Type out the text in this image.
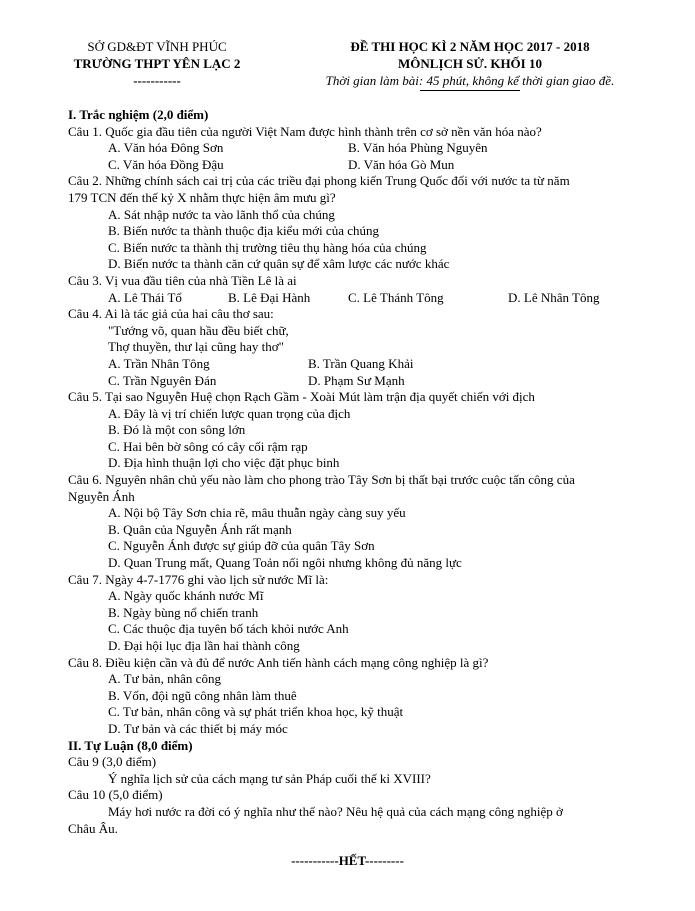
SỞ GD&ĐT VĨNH PHÚC
TRƯỜNG THPT YÊN LẠC 2
-----------
ĐỀ THI HỌC KÌ 2 NĂM HỌC 2017 - 2018
MÔNLỊCH SỬ. KHỐI 10
Thời gian làm bài: 45 phút, không kể thời gian giao đề.
I. Trắc nghiệm (2,0 điểm)
Câu 1. Quốc gia đầu tiên của người Việt Nam được hình thành trên cơ sở nền văn hóa nào?
A. Văn hóa Đông Sơn	B. Văn hóa Phùng Nguyên
C. Văn hóa Đồng Đậu	D. Văn hóa Gò Mun
Câu 2. Những chính sách cai trị của các triều đại phong kiến Trung Quốc đối với nước ta từ năm
179 TCN đến thế kỷ X nhằm thực hiện âm mưu gì?
A. Sát nhập nước ta vào lãnh thổ của chúng
B. Biến nước ta thành thuộc địa kiểu mới của chúng
C. Biến nước ta thành thị trường tiêu thụ hàng hóa của chúng
D. Biến nước ta thành căn cứ quân sự để xâm lược các nước khác
Câu 3. Vị vua đầu tiên của nhà Tiền Lê là ai
A. Lê Thái Tổ	B. Lê Đại Hành	C. Lê Thánh Tông	D. Lê Nhân Tông
Câu 4. Ai là tác giả của hai câu thơ sau:
"Tướng võ, quan hầu đều biết chữ,
Thợ thuyền, thư lại cũng hay thơ"
A. Trần Nhân Tông	B. Trần Quang Khải
C. Trần Nguyên Đán	D. Phạm Sư Mạnh
Câu 5. Tại sao Nguyễn Huệ chọn Rạch Gầm - Xoài Mút làm trận địa quyết chiến với địch
A. Đây là vị trí chiến lược quan trọng của địch
B. Đó là một con sông lớn
C. Hai bên bờ sông có cây cối rậm rạp
D. Địa hình thuận lợi cho việc đặt phục binh
Câu 6. Nguyên nhân chủ yếu nào làm cho phong trào Tây Sơn bị thất bại trước cuộc tấn công của
Nguyễn Ánh
A. Nội bộ Tây Sơn chia rẽ, mâu thuẫn ngày càng suy yếu
B. Quân của Nguyễn Ánh rất mạnh
C. Nguyễn Ánh được sự giúp đỡ của quân Tây Sơn
D. Quan Trung mất, Quang Toản nối ngôi nhưng không đủ năng lực
Câu 7. Ngày 4-7-1776 ghi vào lịch sử nước Mĩ là:
A. Ngày quốc khánh nước Mĩ
B. Ngày bùng nổ chiến tranh
C. Các thuộc địa tuyên bố tách khỏi nước Anh
D. Đại hội lục địa lần hai thành công
Câu 8. Điều kiện cần và đủ để nước Anh tiến hành cách mạng công nghiệp là gì?
A. Tư bản, nhân công
B. Vốn, đội ngũ công nhân làm thuê
C. Tư bản, nhân công và sự phát triển khoa học, kỹ thuật
D. Tư bản và các thiết bị máy móc
II. Tự Luận (8,0 điểm)
Câu 9 (3,0 điểm)
Ý nghĩa lịch sử của cách mạng tư sản Pháp cuối thế kỉ XVIII?
Câu 10 (5,0 điểm)
Máy hơi nước ra đời có ý nghĩa như thế nào? Nêu hệ quả của cách mạng công nghiệp ở
Châu Âu.
-----------HẾT---------
